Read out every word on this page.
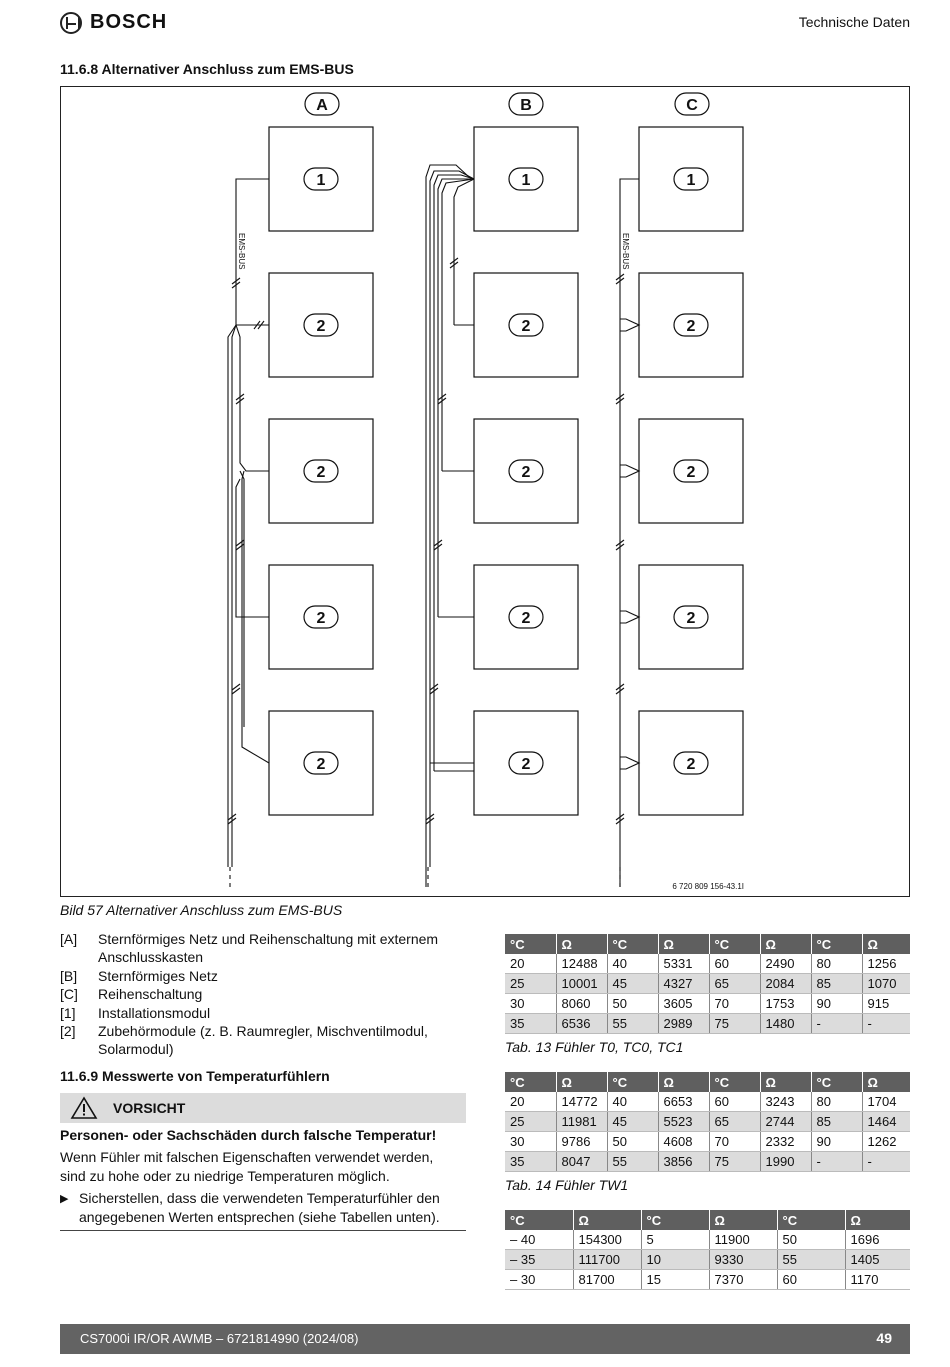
BOSCH	Technische Daten
11.6.8 Alternativer Anschluss zum EMS-BUS
A	B	C
1
2
2
2
2
1
2
2
2
2
1
2
2
2
2
EMS-BUS	EMS-BUS
6 720 809 156-43.1I
Bild 57 Alternativer Anschluss zum EMS-BUS
[A]	Sternförmiges Netz und Reihenschaltung mit externem Anschlusskasten
[B]	Sternförmiges Netz
[C]	Reihenschaltung
[1]	Installationsmodul
[2]	Zubehörmodule (z. B. Raumregler, Mischventilmodul, Solarmodul)
11.6.9 Messwerte von Temperaturfühlern
VORSICHT
Personen- oder Sachschäden durch falsche Temperatur!
Wenn Fühler mit falschen Eigenschaften verwendet werden, sind zu hohe oder zu niedrige Temperaturen möglich.
▶ Sicherstellen, dass die verwendeten Temperaturfühler den angegebenen Werten entsprechen (siehe Tabellen unten).
°C	Ω	°C	Ω	°C	Ω	°C	Ω
20	12488	40	5331	60	2490	80	1256
25	10001	45	4327	65	2084	85	1070
30	8060	50	3605	70	1753	90	915
35	6536	55	2989	75	1480	-	-
Tab. 13 Fühler T0, TC0, TC1
°C	Ω	°C	Ω	°C	Ω	°C	Ω
20	14772	40	6653	60	3243	80	1704
25	11981	45	5523	65	2744	85	1464
30	9786	50	4608	70	2332	90	1262
35	8047	55	3856	75	1990	-	-
Tab. 14 Fühler TW1
°C	Ω	°C	Ω	°C	Ω
– 40	154300	5	11900	50	1696
– 35	111700	10	9330	55	1405
– 30	81700	15	7370	60	1170
CS7000i IR/OR AWMB – 6721814990 (2024/08)	49
